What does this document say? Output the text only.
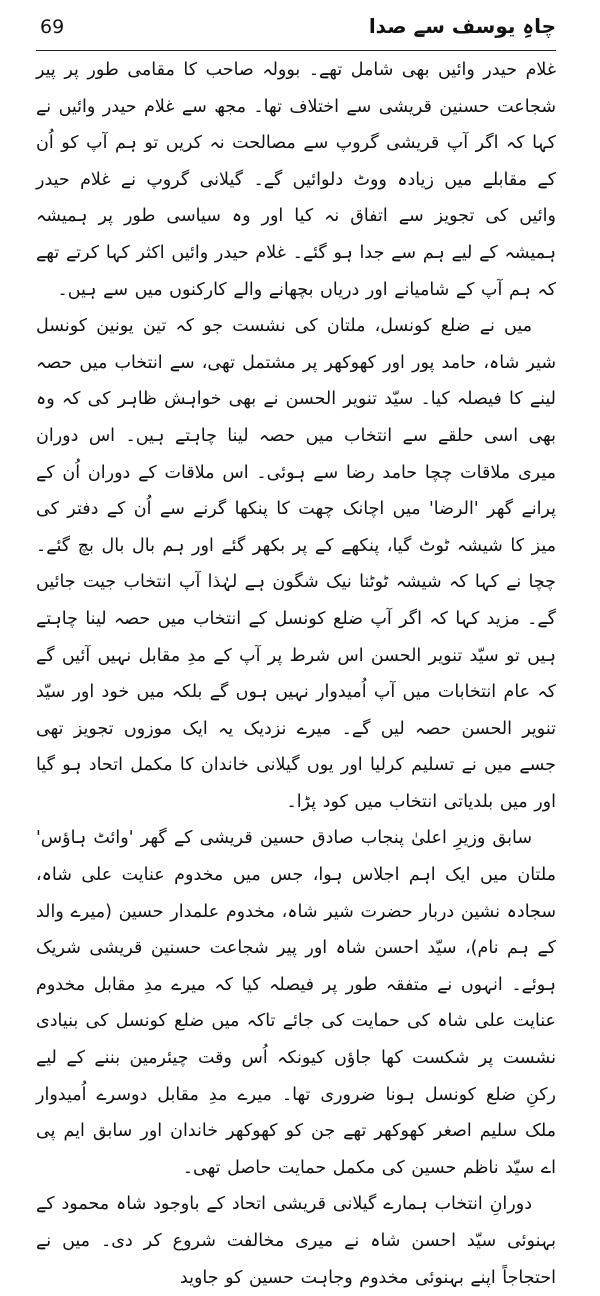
69	چاہِ یوسف سے صدا

غلام حیدر وائیں بھی شامل تھے۔ بوولہ صاحب کا مقامی طور پر پیر شجاعت حسنین قریشی سے اختلاف تھا۔ مجھ سے غلام حیدر وائیں نے کہا کہ اگر آپ قریشی گروپ سے مصالحت نہ کریں تو ہم آپ کو اُن کے مقابلے میں زیادہ ووٹ دلوائیں گے۔ گیلانی گروپ نے غلام حیدر وائیں کی تجویز سے اتفاق نہ کیا اور وہ سیاسی طور پر ہمیشہ ہمیشہ کے لیے ہم سے جدا ہو گئے۔ غلام حیدر وائیں اکثر کہا کرتے تھے کہ ہم آپ کے شامیانے اور دریاں بچھانے والے کارکنوں میں سے ہیں۔

میں نے ضلع کونسل، ملتان کی نشست جو کہ تین یونین کونسل شیر شاہ، حامد پور اور کھوکھر پر مشتمل تھی، سے انتخاب میں حصہ لینے کا فیصلہ کیا۔ سیّد تنویر الحسن نے بھی خواہش ظاہر کی کہ وہ بھی اسی حلقے سے انتخاب میں حصہ لینا چاہتے ہیں۔ اس دوران میری ملاقات چچا حامد رضا سے ہوئی۔ اس ملاقات کے دوران اُن کے پرانے گھر 'الرضا' میں اچانک چھت کا پنکھا گرنے سے اُن کے دفتر کی میز کا شیشہ ٹوٹ گیا، پنکھے کے پر بکھر گئے اور ہم بال بال بچ گئے۔ چچا نے کہا کہ شیشہ ٹوٹنا نیک شگون ہے لہٰذا آپ انتخاب جیت جائیں گے۔ مزید کہا کہ اگر آپ ضلع کونسل کے انتخاب میں حصہ لینا چاہتے ہیں تو سیّد تنویر الحسن اس شرط پر آپ کے مدِ مقابل نہیں آئیں گے کہ عام انتخابات میں آپ اُمیدوار نہیں ہوں گے بلکہ میں خود اور سیّد تنویر الحسن حصہ لیں گے۔ میرے نزدیک یہ ایک موزوں تجویز تھی جسے میں نے تسلیم کرلیا اور یوں گیلانی خاندان کا مکمل اتحاد ہو گیا اور میں بلدیاتی انتخاب میں کود پڑا۔

سابق وزیرِ اعلیٰ پنجاب صادق حسین قریشی کے گھر 'وائٹ ہاؤس' ملتان میں ایک اہم اجلاس ہوا، جس میں مخدوم عنایت علی شاہ، سجادہ نشین دربار حضرت شیر شاہ، مخدوم علمدار حسین (میرے والد کے ہم نام)، سیّد احسن شاہ اور پیر شجاعت حسنین قریشی شریک ہوئے۔ انہوں نے متفقہ طور پر فیصلہ کیا کہ میرے مدِ مقابل مخدوم عنایت علی شاہ کی حمایت کی جائے تاکہ میں ضلع کونسل کی بنیادی نشست پر شکست کھا جاؤں کیونکہ اُس وقت چیئرمین بننے کے لیے رکنِ ضلع کونسل ہونا ضروری تھا۔ میرے مدِ مقابل دوسرے اُمیدوار ملک سلیم اصغر کھوکھر تھے جن کو کھوکھر خاندان اور سابق ایم پی اے سیّد ناظم حسین کی مکمل حمایت حاصل تھی۔

دورانِ انتخاب ہمارے گیلانی قریشی اتحاد کے باوجود شاہ محمود کے بہنوئی سیّد احسن شاہ نے میری مخالفت شروع کر دی۔ میں نے احتجاجاً اپنے بہنوئی مخدوم وجاہت حسین کو جاوید
